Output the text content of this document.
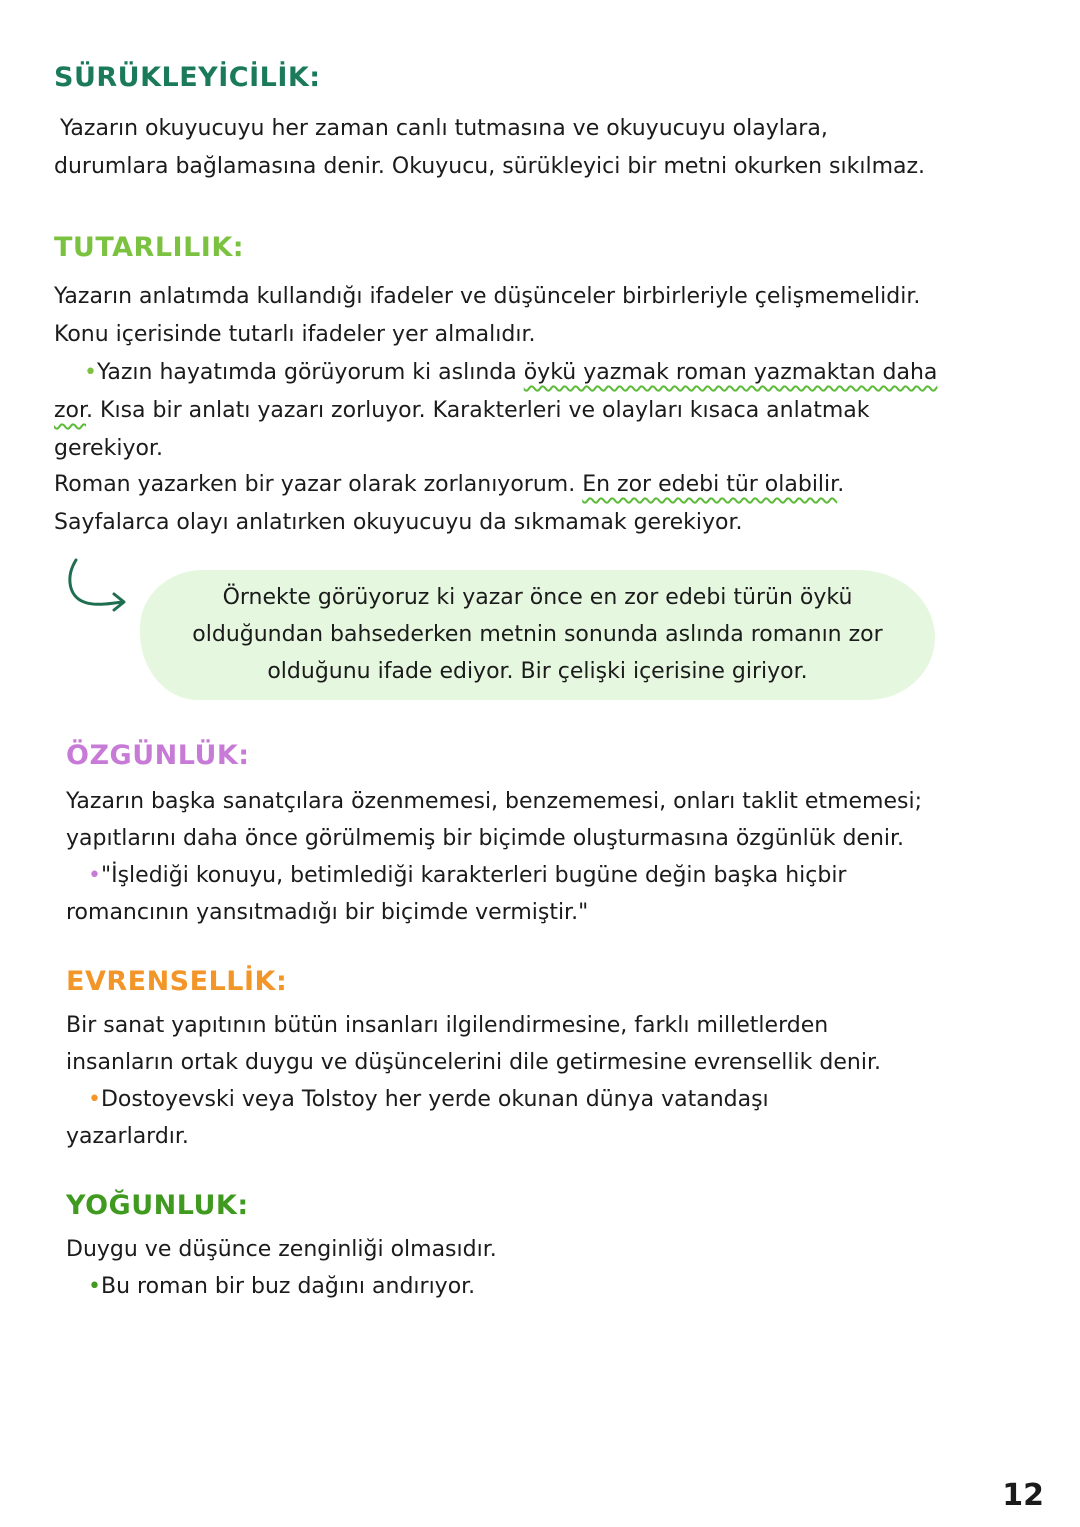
SÜRÜKLEYİCİLİK:

Yazarın okuyucuyu her zaman canlı tutmasına ve okuyucuyu olaylara,

durumlara bağlamasına denir. Okuyucu, sürükleyici bir metni okurken sıkılmaz.

TUTARLILIK:

Yazarın anlatımda kullandığı ifadeler ve düşünceler birbirleriyle çelişmemelidir.

Konu içerisinde tutarlı ifadeler yer almalıdır.

•Yazın hayatımda görüyorum ki aslında öykü yazmak roman yazmaktan daha

zor. Kısa bir anlatı yazarı zorluyor. Karakterleri ve olayları kısaca anlatmak

gerekiyor.

Roman yazarken bir yazar olarak zorlanıyorum. En zor edebi tür olabilir.

Sayfalarca olayı anlatırken okuyucuyu da sıkmamak gerekiyor.

Örnekte görüyoruz ki yazar önce en zor edebi türün öykü
olduğundan bahsederken metnin sonunda aslında romanın zor
olduğunu ifade ediyor. Bir çelişki içerisine giriyor.
ÖZGÜNLÜK:

Yazarın başka sanatçılara özenmemesi, benzememesi, onları taklit etmemesi;

yapıtlarını daha önce görülmemiş bir biçimde oluşturmasına özgünlük denir.

•"İşlediği konuyu, betimlediği karakterleri bugüne değin başka hiçbir

romancının yansıtmadığı bir biçimde vermiştir."

EVRENSELLİK:

Bir sanat yapıtının bütün insanları ilgilendirmesine, farklı milletlerden

insanların ortak duygu ve düşüncelerini dile getirmesine evrensellik denir.

•Dostoyevski veya Tolstoy her yerde okunan dünya vatandaşı

yazarlardır.

YOĞUNLUK:

Duygu ve düşünce zenginliği olmasıdır.

•Bu roman bir buz dağını andırıyor.

12
